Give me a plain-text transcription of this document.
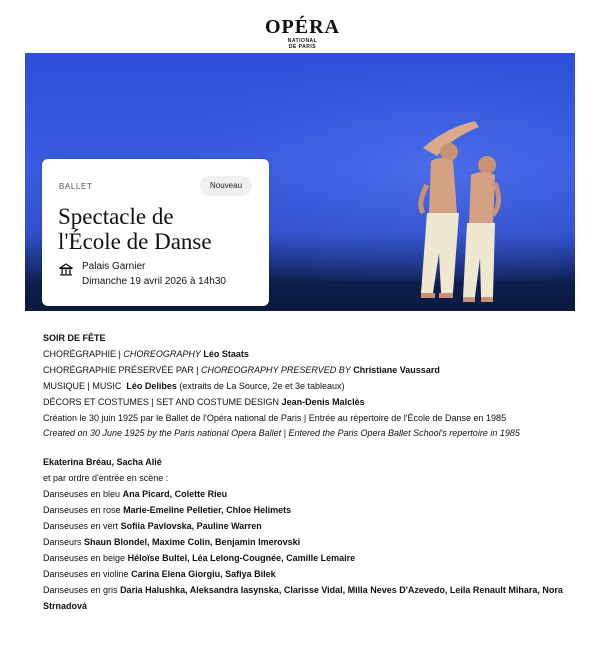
OPÉRA
NATIONAL
DE PARIS
BALLET	Nouveau
Spectacle de
l'École de Danse
Palais Garnier
Dimanche 19 avril 2026 à 14h30

SOIR DE FÊTE

CHORÉGRAPHIE | CHOREOGRAPHY Léo Staats

CHORÉGRAPHIE PRÉSERVÉE PAR | CHOREOGRAPHY PRESERVED BY Christiane Vaussard

MUSIQUE | MUSIC Léo Delibes (extraits de La Source, 2e et 3e tableaux)

DÉCORS ET COSTUMES | SET AND COSTUME DESIGN Jean-Denis Malclès

Création le 30 juin 1925 par le Ballet de l'Opéra national de Paris | Entrée au répertoire de l'École de Danse en 1985

Created on 30 June 1925 by the Paris national Opera Ballet | Entered the Paris Opera Ballet School's repertoire in 1985

Ekaterina Bréau, Sacha Alié

et par ordre d'entrée en scène :

Danseuses en bleu Ana Picard, Colette Rieu

Danseuses en rose Marie-Emeline Pelletier, Chloe Helimets

Danseuses en vert Sofiia Pavlovska, Pauline Warren

Danseurs Shaun Blondel, Maxime Colin, Benjamin Imerovski

Danseuses en beige Héloïse Bultel, Léa Lelong-Cougnée, Camille Lemaire

Danseuses en violine Carina Elena Giorgiu, Safiya Bilek

Danseuses en gris Daria Halushka, Aleksandra Iasynska, Clarisse Vidal, Milla Neves D'Azevedo, Leila Renault Mihara, Nora Strnadová
